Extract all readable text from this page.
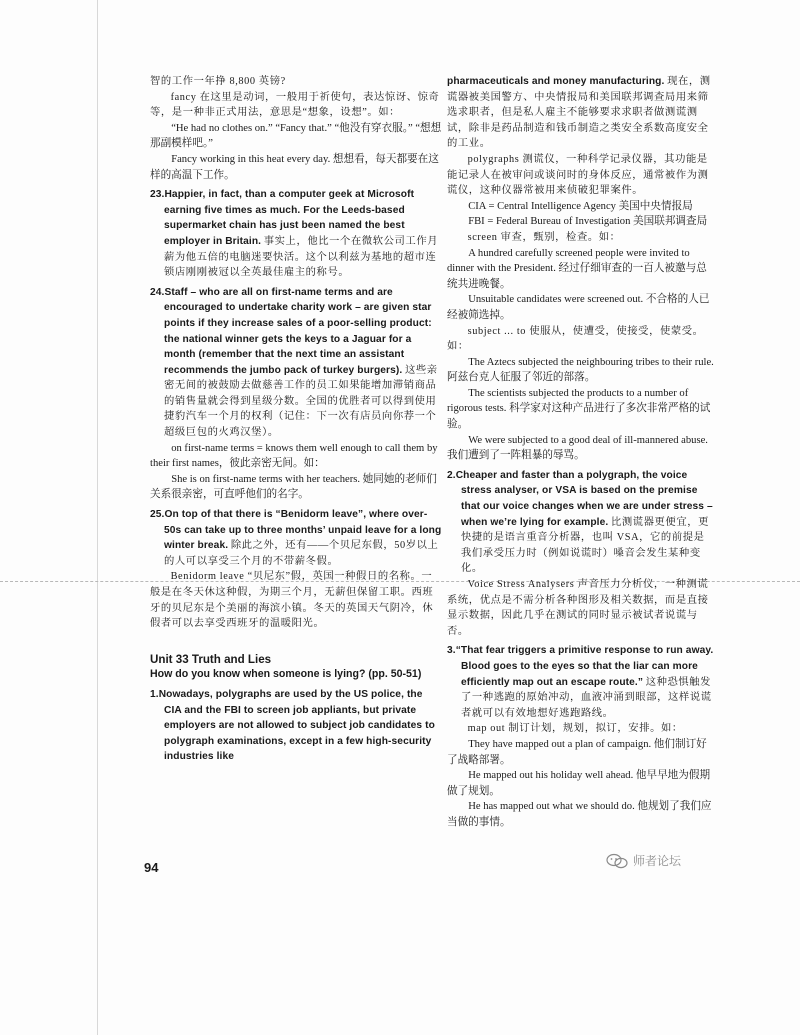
智的工作一年挣 8,800 英镑?

fancy 在这里是动词，一般用于祈使句，表达惊讶、惊奇等，是一种非正式用法，意思是“想象，设想”。如：

“He had no clothes on.” “Fancy that.” “他没有穿衣服。” “想想那副模样吧。”

Fancy working in this heat every day. 想想看，每天都要在这样的高温下工作。

23.Happier, in fact, than a computer geek at Microsoft earning five times as much. For the Leeds-based supermarket chain has just been named the best employer in Britain. 事实上，他比一个在微软公司工作月薪为他五倍的电脑迷要快活。这个以利兹为基地的超市连锁店刚刚被冠以全英最佳雇主的称号。

24.Staff – who are all on first-name terms and are encouraged to undertake charity work – are given star points if they increase sales of a poor-selling product: the national winner gets the keys to a Jaguar for a month (remember that the next time an assistant recommends the jumbo pack of turkey burgers). 这些亲密无间的被鼓励去做慈善工作的员工如果能增加滞销商品的销售量就会得到星级分数。全国的优胜者可以得到使用捷豹汽车一个月的权利（记住：下一次有店员向你荐一个超级巨包的火鸡汉堡）。

on first-name terms = knows them well enough to call them by their first names，彼此亲密无间。如：

She is on first-name terms with her teachers. 她同她的老师们关系很亲密，可直呼他们的名字。

25.On top of that there is “Benidorm leave”, where over-50s can take up to three months’ unpaid leave for a long winter break. 除此之外，还有——个贝尼东假，50岁以上的人可以享受三个月的不带薪冬假。

Benidorm leave “贝尼东”假，英国一种假日的名称。一般是在冬天休这种假，为期三个月，无薪但保留工职。西班牙的贝尼东是个美丽的海滨小镇。冬天的英国天气阴冷，休假者可以去享受西班牙的温暖阳光。

Unit 33 Truth and Lies

How do you know when someone is lying? (pp. 50-51)

1.Nowadays, polygraphs are used by the US police, the CIA and the FBI to screen job appliants, but private employers are not allowed to subject job candidates to polygraph examinations, except in a few high-security industries like

pharmaceuticals and money manufacturing. 现在，测谎器被美国警方、中央情报局和美国联邦调查局用来筛选求职者，但是私人雇主不能够要求求职者做测谎测试，除非是药品制造和钱币制造之类安全系数高度安全的工业。

polygraphs 测谎仪，一种科学记录仪器，其功能是能记录人在被审问或谈问时的身体反应，通常被作为测谎仪，这种仪器常被用来侦破犯罪案件。

CIA = Central Intelligence Agency 美国中央情报局

FBI = Federal Bureau of Investigation 美国联邦调查局

screen 审查，甄别，检查。如：

A hundred carefully screened people were invited to dinner with the President. 经过仔细审查的一百人被邀与总统共进晚餐。

Unsuitable candidates were screened out. 不合格的人已经被筛选掉。

subject ... to 使服从，使遭受，使接受，使蒙受。如：

The Aztecs subjected the neighbouring tribes to their rule. 阿兹台克人征服了邻近的部落。

The scientists subjected the products to a number of rigorous tests. 科学家对这种产品进行了多次非常严格的试验。

We were subjected to a good deal of ill-mannered abuse. 我们遭到了一阵粗暴的辱骂。

2.Cheaper and faster than a polygraph, the voice stress analyser, or VSA is based on the premise that our voice changes when we are under stress – when we’re lying for example. 比测谎器更便宜，更快捷的是语言重音分析器，也叫 VSA，它的前提是我们承受压力时（例如说谎时）嗓音会发生某种变化。

Voice Stress Analysers 声音压力分析仪，一种测谎系统，优点是不需分析各种图形及相关数据，而是直接显示数据，因此几乎在测试的同时显示被试者说谎与否。

3.“That fear triggers a primitive response to run away. Blood goes to the eyes so that the liar can more efficiently map out an escape route.” 这种恐惧触发了一种逃跑的原始冲动，血液冲涌到眼部，这样说谎者就可以有效地想好逃跑路线。

map out 制订计划，规划，拟订，安排。如：

They have mapped out a plan of campaign. 他们制订好了战略部署。

He mapped out his holiday well ahead. 他早早地为假期做了规划。

He has mapped out what we should do. 他规划了我们应当做的事情。

94	师者论坛
